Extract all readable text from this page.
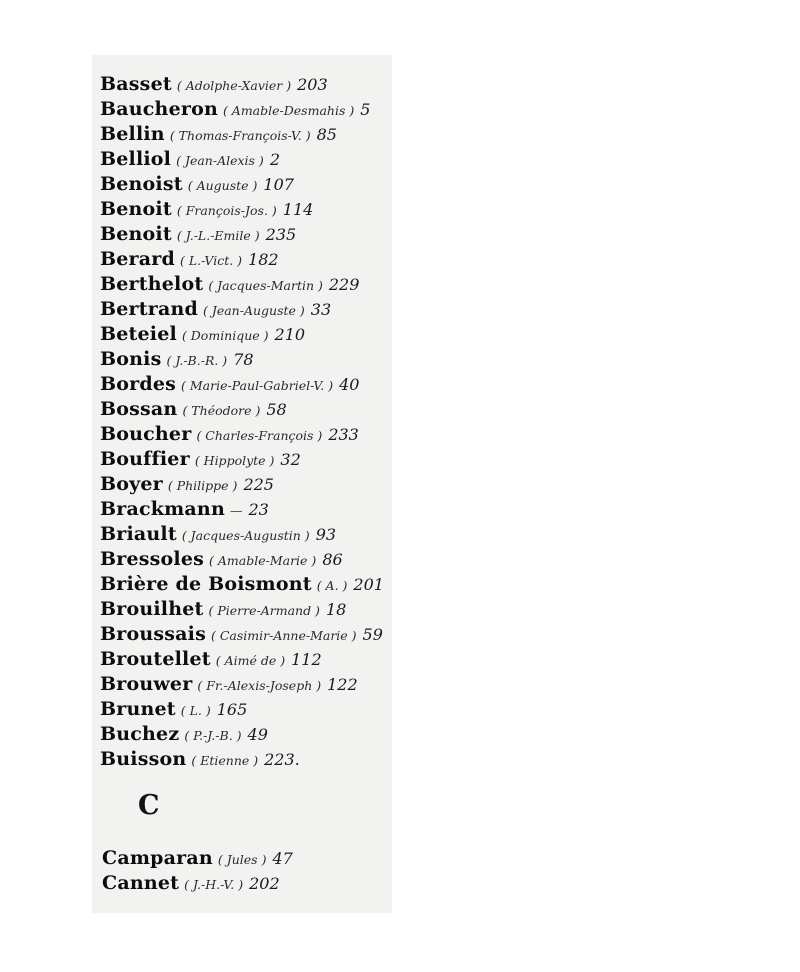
Basset ( Adolphe-Xavier ) 203
Baucheron ( Amable-Desmahis ) 5
Bellin ( Thomas-François-V. ) 85
Belliol ( Jean-Alexis ) 2
Benoist ( Auguste ) 107
Benoit ( François-Jos. ) 114
Benoit ( J.-L.-Emile ) 235
Berard ( L.-Vict. ) 182
Berthelot ( Jacques-Martin ) 229
Bertrand ( Jean-Auguste ) 33
Beteiel ( Dominique ) 210
Bonis ( J.-B.-R. ) 78
Bordes ( Marie-Paul-Gabriel-V. ) 40
Bossan ( Théodore ) 58
Boucher ( Charles-François ) 233
Bouffier ( Hippolyte ) 32
Boyer ( Philippe ) 225
Brackmann — 23
Briault ( Jacques-Augustin ) 93
Bressoles ( Amable-Marie ) 86
Brière de Boismont ( A. ) 201
Brouilhet ( Pierre-Armand ) 18
Broussais ( Casimir-Anne-Marie ) 59
Broutellet ( Aimé de ) 112
Brouwer ( Fr.-Alexis-Joseph ) 122
Brunet ( L. ) 165
Buchez ( P.-J.-B. ) 49
Buisson ( Etienne ) 223.
C
Camparan ( Jules ) 47
Cannet ( J.-H.-V. ) 202
